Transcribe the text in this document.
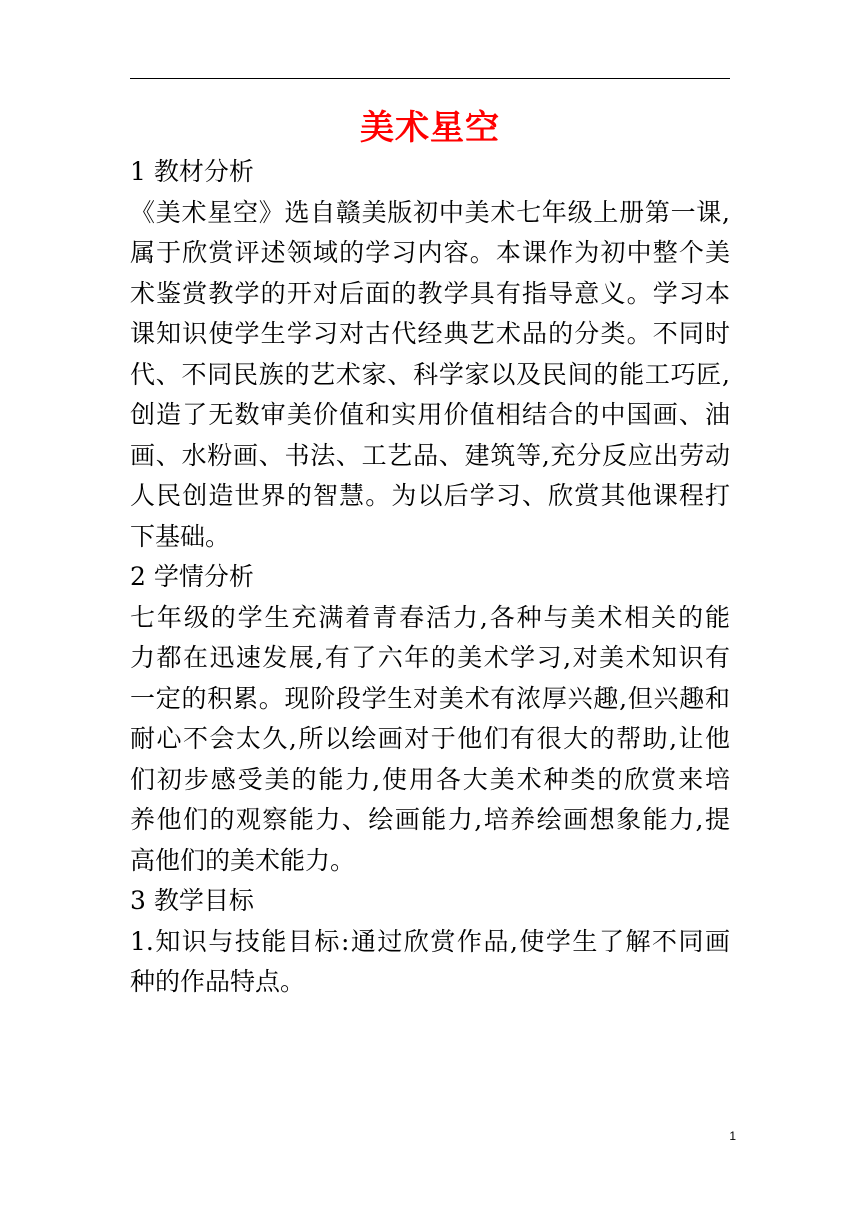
美术星空
1 教材分析
《美术星空》选自赣美版初中美术七年级上册第一课,
属于欣赏评述领域的学习内容。本课作为初中整个美
术鉴赏教学的开对后面的教学具有指导意义。学习本
课知识使学生学习对古代经典艺术品的分类。不同时
代、不同民族的艺术家、科学家以及民间的能工巧匠,
创造了无数审美价值和实用价值相结合的中国画、油
画、水粉画、书法、工艺品、建筑等,充分反应出劳动
人民创造世界的智慧。为以后学习、欣赏其他课程打
下基础。
2 学情分析
七年级的学生充满着青春活力,各种与美术相关的能
力都在迅速发展,有了六年的美术学习,对美术知识有
一定的积累。现阶段学生对美术有浓厚兴趣,但兴趣和
耐心不会太久,所以绘画对于他们有很大的帮助,让他
们初步感受美的能力,使用各大美术种类的欣赏来培
养他们的观察能力、绘画能力,培养绘画想象能力,提
高他们的美术能力。
3 教学目标
1.知识与技能目标:通过欣赏作品,使学生了解不同画
种的作品特点。
1
